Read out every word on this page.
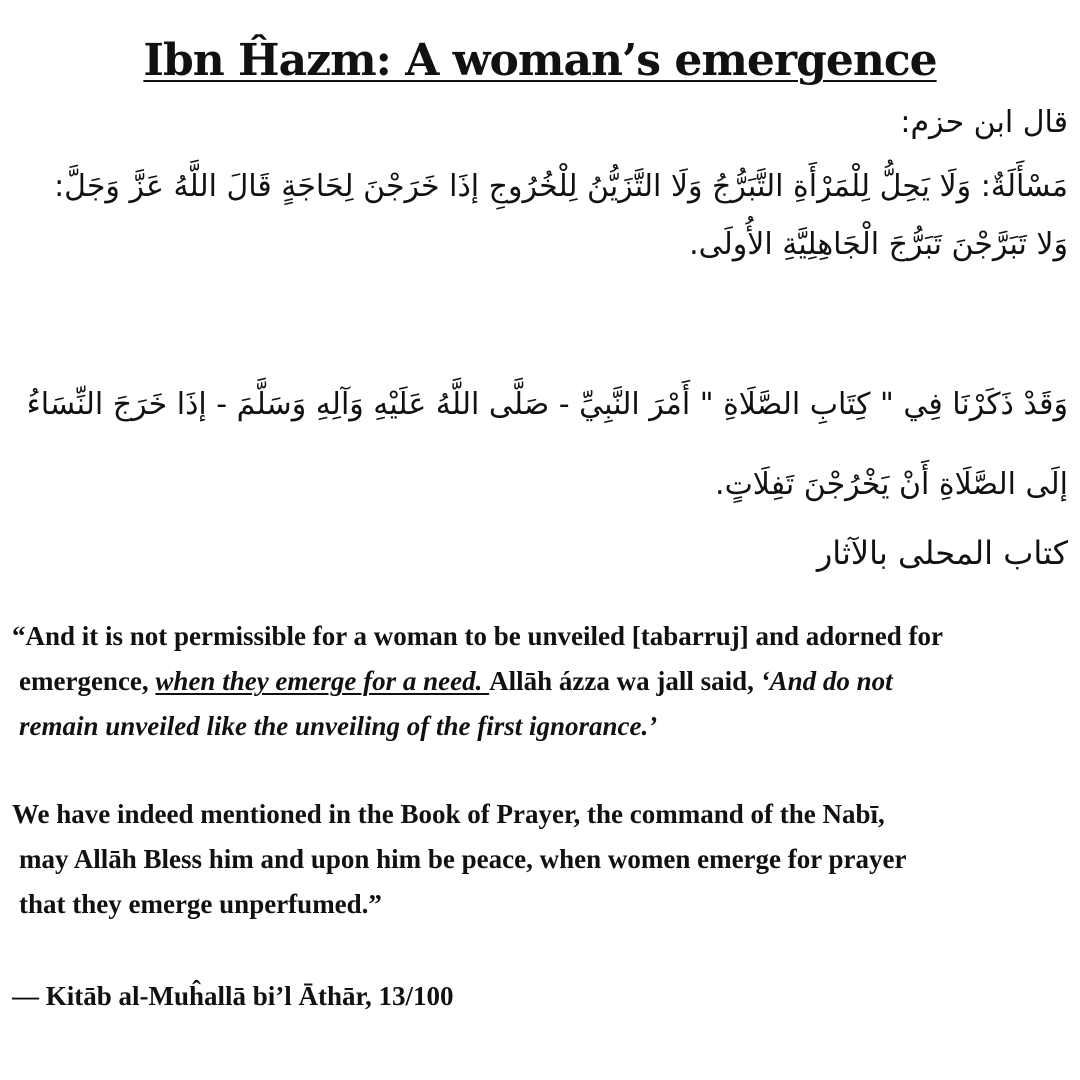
Ibn Ĥazm: A woman’s emergence

قال ابن حزم:

مَسْأَلَةٌ: وَلَا يَحِلُّ لِلْمَرْأَةِ التَّبَرُّجُ وَلَا التَّزَيُّنُ لِلْخُرُوجِ إذَا خَرَجْنَ لِحَاجَةٍ قَالَ اللَّهُ عَزَّ وَجَلَّ:

وَلا تَبَرَّجْنَ تَبَرُّجَ الْجَاهِلِيَّةِ الأُولَى.

وَقَدْ ذَكَرْنَا فِي " كِتَابِ الصَّلَاةِ " أَمْرَ النَّبِيِّ - صَلَّى اللَّهُ عَلَيْهِ وَآلِهِ وَسَلَّمَ - إذَا خَرَجَ النِّسَاءُ

إلَى الصَّلَاةِ أَنْ يَخْرُجْنَ تَفِلَاتٍ.

كتاب المحلى بالآثار

“And it is not permissible for a woman to be unveiled [tabarruj] and adorned for
emergence, when they emerge for a need. Allāh ázza wa jall said, ‘And do not
remain unveiled like the unveiling of the first ignorance.’
We have indeed mentioned in the Book of Prayer, the command of the Nabī,
may Allāh Bless him and upon him be peace, when women emerge for prayer
that they emerge unperfumed.”

— Kitāb al-Muĥallā bi’l Āthār, 13/100
